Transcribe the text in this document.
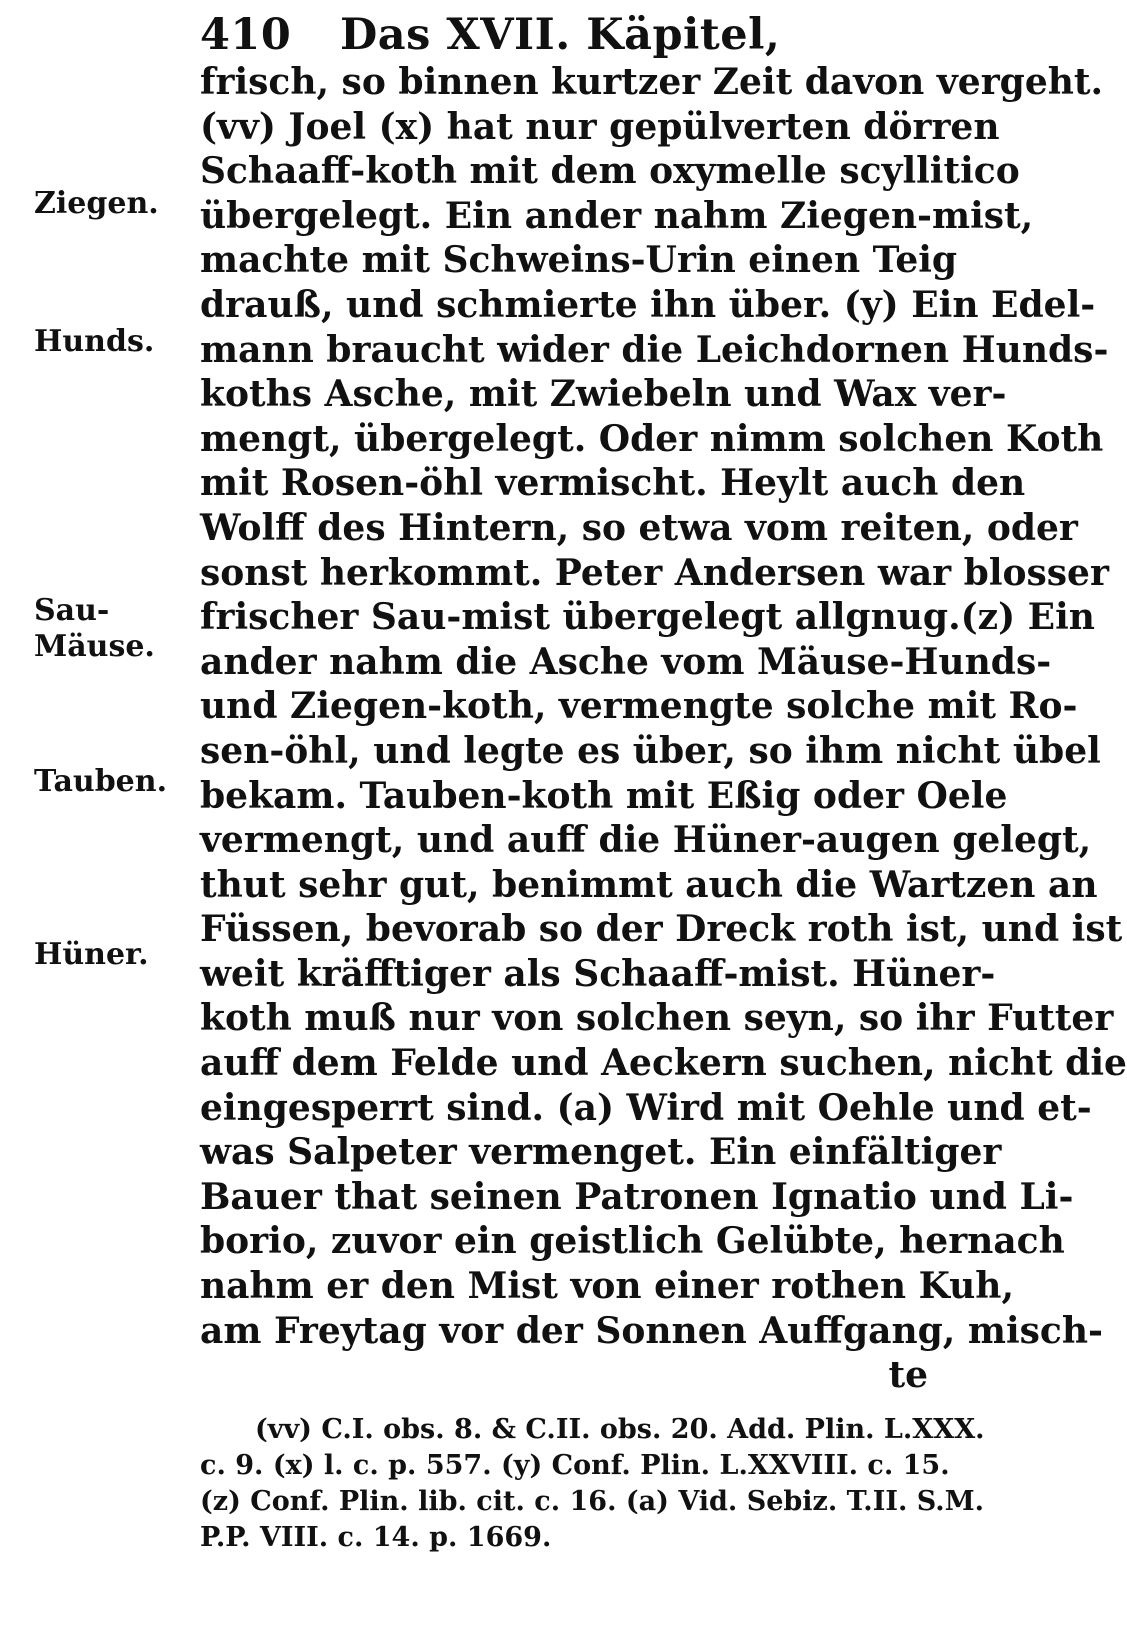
410	Das XVII. Käpitel,
Ziegen.
Hunds.
Sau-
Mäuse.
Tauben.
Hüner.
frisch, so binnen kurtzer Zeit davon vergeht.
(vv) Joel (x) hat nur gepülverten dörren
Schaaff-koth mit dem oxymelle scyllitico
übergelegt. Ein ander nahm Ziegen-mist,
machte mit Schweins-Urin einen Teig
drauß, und schmierte ihn über. (y) Ein Edel-
mann braucht wider die Leichdornen Hunds-
koths Asche, mit Zwiebeln und Wax ver-
mengt, übergelegt. Oder nimm solchen Koth
mit Rosen-öhl vermischt. Heylt auch den
Wolff des Hintern, so etwa vom reiten, oder
sonst herkommt. Peter Andersen war blosser
frischer Sau-mist übergelegt allgnug.(z) Ein
ander nahm die Asche vom Mäuse-Hunds-
und Ziegen-koth, vermengte solche mit Ro-
sen-öhl, und legte es über, so ihm nicht übel
bekam. Tauben-koth mit Eßig oder Oele
vermengt, und auff die Hüner-augen gelegt,
thut sehr gut, benimmt auch die Wartzen an
Füssen, bevorab so der Dreck roth ist, und ist
weit kräfftiger als Schaaff-mist. Hüner-
koth muß nur von solchen seyn, so ihr Futter
auff dem Felde und Aeckern suchen, nicht die
eingesperrt sind. (a) Wird mit Oehle und et-
was Salpeter vermenget. Ein einfältiger
Bauer that seinen Patronen Ignatio und Li-
borio, zuvor ein geistlich Gelübte, hernach
nahm er den Mist von einer rothen Kuh,
am Freytag vor der Sonnen Auffgang, misch-
te
(vv) C.I. obs. 8. & C.II. obs. 20. Add. Plin. L.XXX.
c. 9. (x) l. c. p. 557. (y) Conf. Plin. L.XXVIII. c. 15.
(z) Conf. Plin. lib. cit. c. 16. (a) Vid. Sebiz. T.II. S.M.
P.P. VIII. c. 14. p. 1669.
